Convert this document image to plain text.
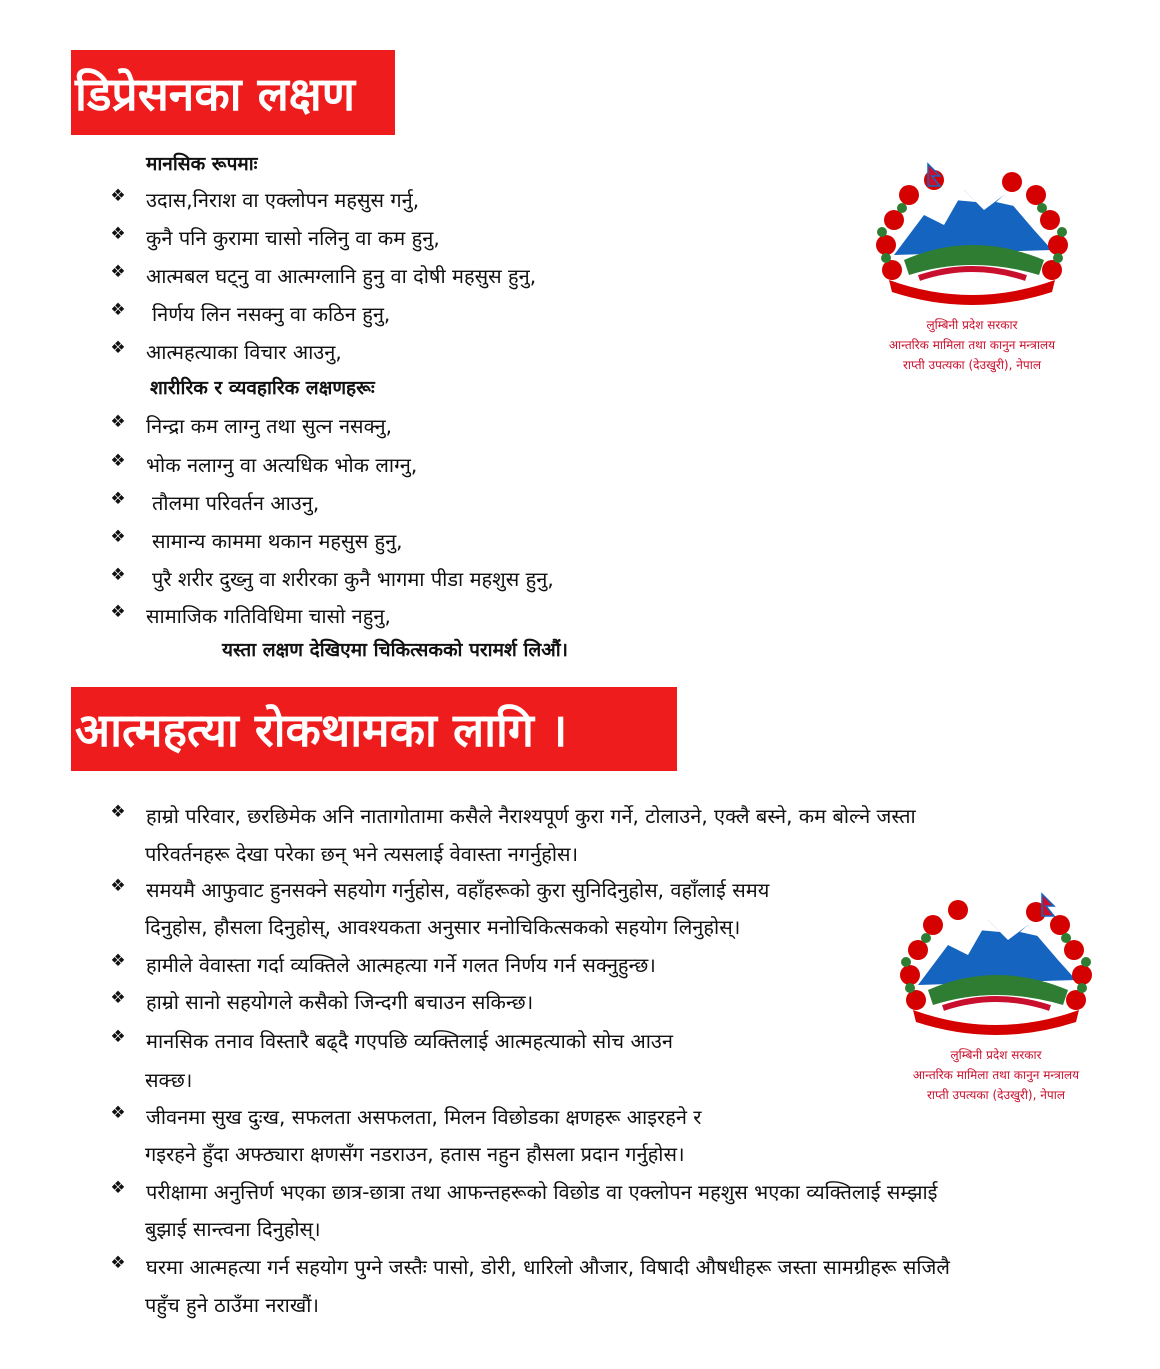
डिप्रेसनका लक्षण
मानसिक रूपमाः
❖ उदास,निराश वा एक्लोपन महसुस गर्नु,
❖ कुनै पनि कुरामा चासो नलिनु वा कम हुनु,
❖ आत्मबल घट्नु वा आत्मग्लानि हुनु वा दोषी महसुस हुनु,
❖ निर्णय लिन नसक्नु वा कठिन हुनु,
❖ आत्महत्याका विचार आउनु,
शारीरिक र व्यवहारिक लक्षणहरूः
❖ निन्द्रा कम लाग्नु तथा सुत्न नसक्नु,
❖ भोक नलाग्नु वा अत्यधिक भोक लाग्नु,
❖ तौलमा परिवर्तन आउनु,
❖ सामान्य काममा थकान महसुस हुनु,
❖ पुरै शरीर दुख्नु वा शरीरका कुनै भागमा पीडा महशुस हुनु,
❖ सामाजिक गतिविधिमा चासो नहुनु,
यस्ता लक्षण देखिएमा चिकित्सकको परामर्श लिऔं।
आत्महत्या रोकथामका लागि ।
❖ हाम्रो परिवार, छरछिमेक अनि नातागोतामा कसैले नैराश्यपूर्ण कुरा गर्ने, टोलाउने, एक्लै बस्ने, कम बोल्ने जस्ता
परिवर्तनहरू देखा परेका छन् भने त्यसलाई वेवास्ता नगर्नुहोस।
❖ समयमै आफुवाट हुनसक्ने सहयोग गर्नुहोस, वहाँहरूको कुरा सुनिदिनुहोस, वहाँलाई समय
दिनुहोस, हौसला दिनुहोस्, आवश्यकता अनुसार मनोचिकित्सकको सहयोग लिनुहोस्।
❖ हामीले वेवास्ता गर्दा व्यक्तिले आत्महत्या गर्ने गलत निर्णय गर्न सक्नुहुन्छ।
❖ हाम्रो सानो सहयोगले कसैको जिन्दगी बचाउन सकिन्छ।
❖ मानसिक तनाव विस्तारै बढ्दै गएपछि व्यक्तिलाई आत्महत्याको सोच आउन
सक्छ।
❖ जीवनमा सुख दुःख, सफलता असफलता, मिलन विछोडका क्षणहरू आइरहने र
गइरहने हुँदा अफ्ठ्यारा क्षणसँग नडराउन, हतास नहुन हौसला प्रदान गर्नुहोस।
❖ परीक्षामा अनुत्तिर्ण भएका छात्र-छात्रा तथा आफन्तहरूको विछोड वा एक्लोपन महशुस भएका व्यक्तिलाई सम्झाई
बुझाई सान्त्वना दिनुहोस्।
❖ घरमा आत्महत्या गर्न सहयोग पुग्ने जस्तैः पासो, डोरी, धारिलो औजार, विषादी औषधीहरू जस्ता सामग्रीहरू सजिलै
पहुँच हुने ठाउँमा नराखौं।
लुम्बिनी प्रदेश सरकार
आन्तरिक मामिला तथा कानुन मन्त्रालय
राप्ती उपत्यका (देउखुरी), नेपाल
लुम्बिनी प्रदेश सरकार
आन्तरिक मामिला तथा कानुन मन्त्रालय
राप्ती उपत्यका (देउखुरी), नेपाल
